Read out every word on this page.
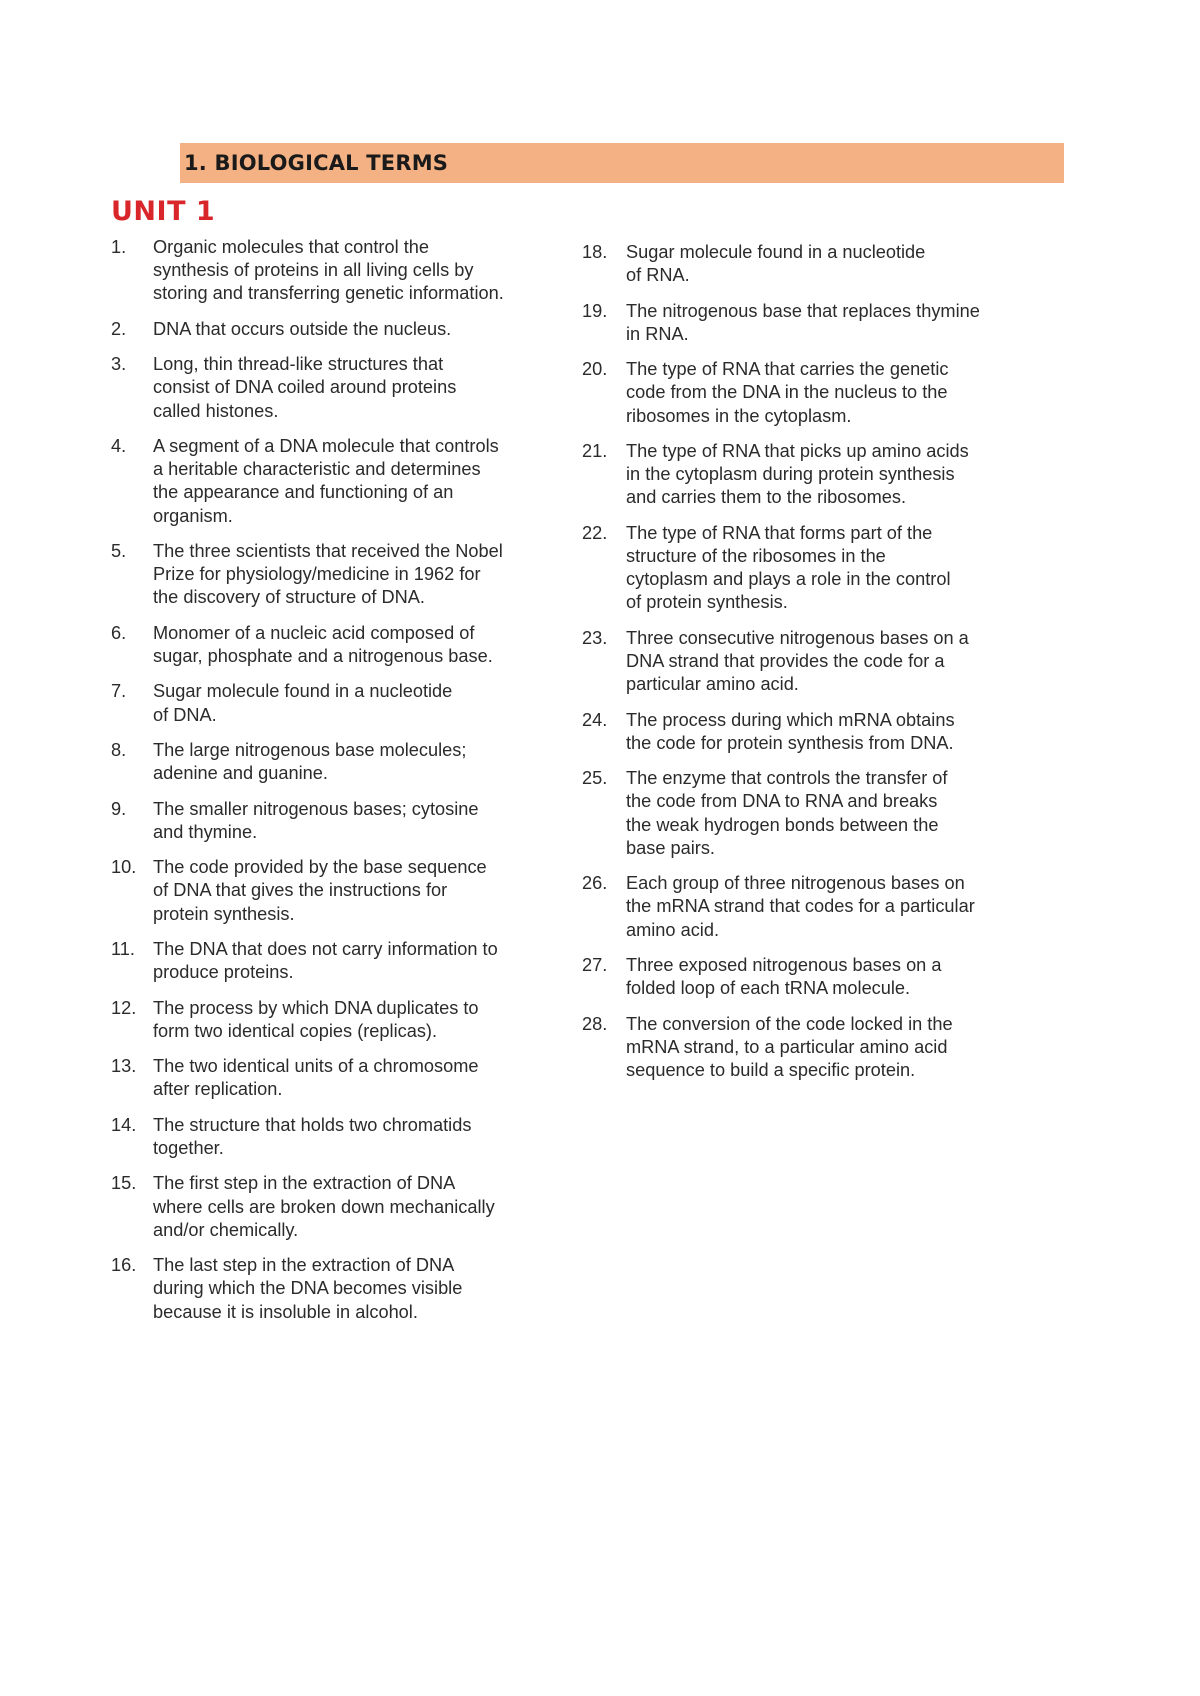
1. BIOLOGICAL TERMS
UNIT 1
1.	Organic molecules that control the
synthesis of proteins in all living cells by
storing and transferring genetic information.
2.	DNA that occurs outside the nucleus.
3.	Long, thin thread-like structures that
consist of DNA coiled around proteins
called histones.
4.	A segment of a DNA molecule that controls
a heritable characteristic and determines
the appearance and functioning of an
organism.
5.	The three scientists that received the Nobel
Prize for physiology/medicine in 1962 for
the discovery of structure of DNA.
6.	Monomer of a nucleic acid composed of
sugar, phosphate and a nitrogenous base.
7.	Sugar molecule found in a nucleotide
of DNA.
8.	The large nitrogenous base molecules;
adenine and guanine.
9.	The smaller nitrogenous bases; cytosine
and thymine.
10. The code provided by the base sequence
of DNA that gives the instructions for
protein synthesis.
11. The DNA that does not carry information to
produce proteins.
12. The process by which DNA duplicates to
form two identical copies (replicas).
13. The two identical units of a chromosome
after replication.
14. The structure that holds two chromatids
together.
15. The first step in the extraction of DNA
where cells are broken down mechanically
and/or chemically.
16. The last step in the extraction of DNA
during which the DNA becomes visible
because it is insoluble in alcohol.
18.	Sugar molecule found in a nucleotide
of RNA.
19.	The nitrogenous base that replaces thymine
in RNA.
20.	The type of RNA that carries the genetic
code from the DNA in the nucleus to the
ribosomes in the cytoplasm.
21.	The type of RNA that picks up amino acids
in the cytoplasm during protein synthesis
and carries them to the ribosomes.
22.	The type of RNA that forms part of the
structure of the ribosomes in the
cytoplasm and plays a role in the control
of protein synthesis.
23.	Three consecutive nitrogenous bases on a
DNA strand that provides the code for a
particular amino acid.
24.	The process during which mRNA obtains
the code for protein synthesis from DNA.
25.	The enzyme that controls the transfer of
the code from DNA to RNA and breaks
the weak hydrogen bonds between the
base pairs.
26.	Each group of three nitrogenous bases on
the mRNA strand that codes for a particular
amino acid.
27.	Three exposed nitrogenous bases on a
folded loop of each tRNA molecule.
28.	The conversion of the code locked in the
mRNA strand, to a particular amino acid
sequence to build a specific protein.
